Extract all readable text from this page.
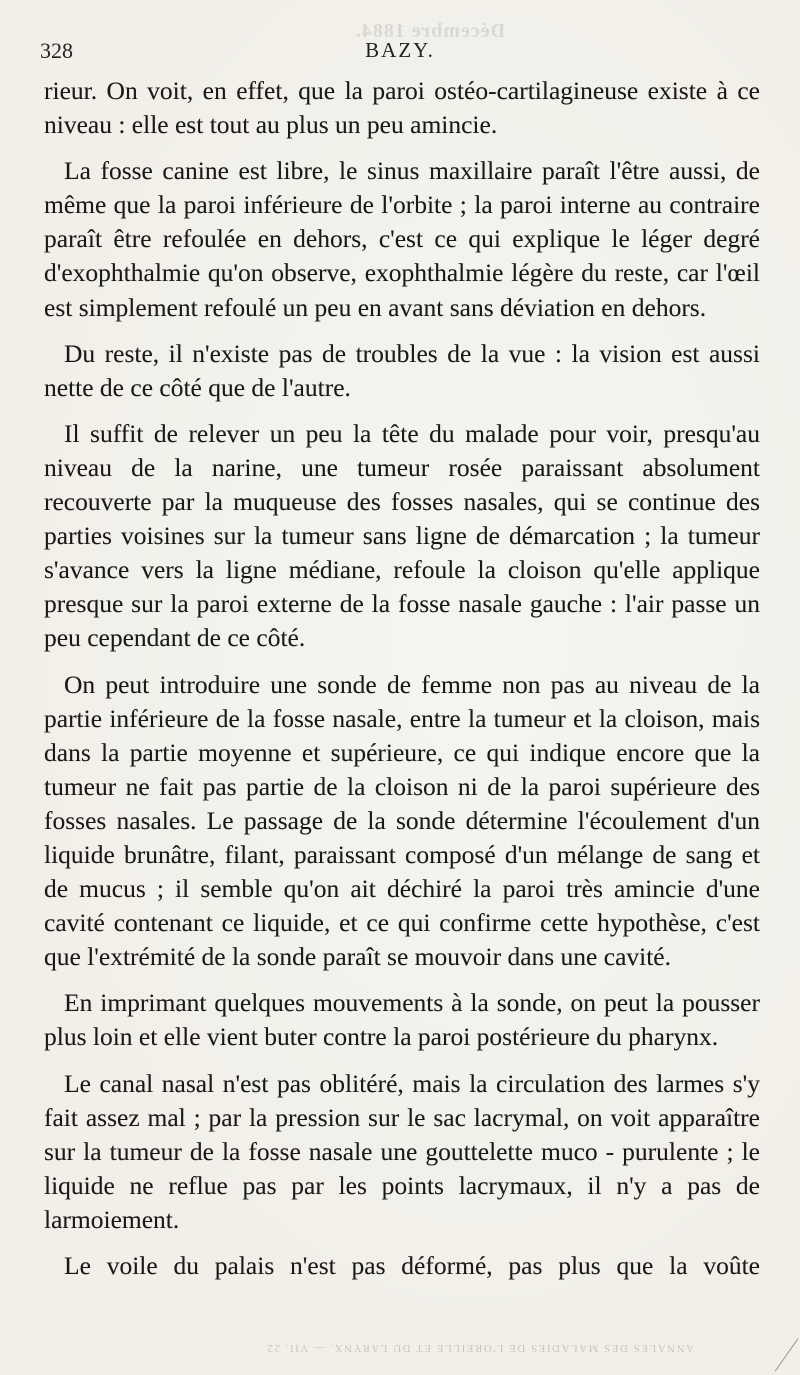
Décembre 1884.
328	BAZY.

rieur. On voit, en effet, que la paroi ostéo-cartilagineuse existe à ce niveau : elle est tout au plus un peu amincie.

La fosse canine est libre, le sinus maxillaire paraît l'être aussi, de même que la paroi inférieure de l'orbite ; la paroi interne au contraire paraît être refoulée en dehors, c'est ce qui explique le léger degré d'exophthalmie qu'on observe, exophthalmie légère du reste, car l'œil est simplement refoulé un peu en avant sans déviation en dehors.

Du reste, il n'existe pas de troubles de la vue : la vision est aussi nette de ce côté que de l'autre.

Il suffit de relever un peu la tête du malade pour voir, presqu'au niveau de la narine, une tumeur rosée paraissant absolument recouverte par la muqueuse des fosses nasales, qui se continue des parties voisines sur la tumeur sans ligne de démarcation ; la tumeur s'avance vers la ligne médiane, refoule la cloison qu'elle applique presque sur la paroi externe de la fosse nasale gauche : l'air passe un peu cependant de ce côté.

On peut introduire une sonde de femme non pas au niveau de la partie inférieure de la fosse nasale, entre la tumeur et la cloison, mais dans la partie moyenne et supérieure, ce qui indique encore que la tumeur ne fait pas partie de la cloison ni de la paroi supérieure des fosses nasales. Le passage de la sonde détermine l'écoulement d'un liquide brunâtre, filant, paraissant composé d'un mélange de sang et de mucus ; il semble qu'on ait déchiré la paroi très amincie d'une cavité contenant ce liquide, et ce qui confirme cette hypothèse, c'est que l'extrémité de la sonde paraît se mouvoir dans une cavité.

En imprimant quelques mouvements à la sonde, on peut la pousser plus loin et elle vient buter contre la paroi postérieure du pharynx.

Le canal nasal n'est pas oblitéré, mais la circulation des larmes s'y fait assez mal ; par la pression sur le sac lacrymal, on voit apparaître sur la tumeur de la fosse nasale une gouttelette muco - purulente ; le liquide ne reflue pas par les points lacrymaux, il n'y a pas de larmoiement.

Le voile du palais n'est pas déformé, pas plus que la voûte

ANNALES DES MALADIES DE L'OREILLE ET DU LARYNX. — VII. 22
